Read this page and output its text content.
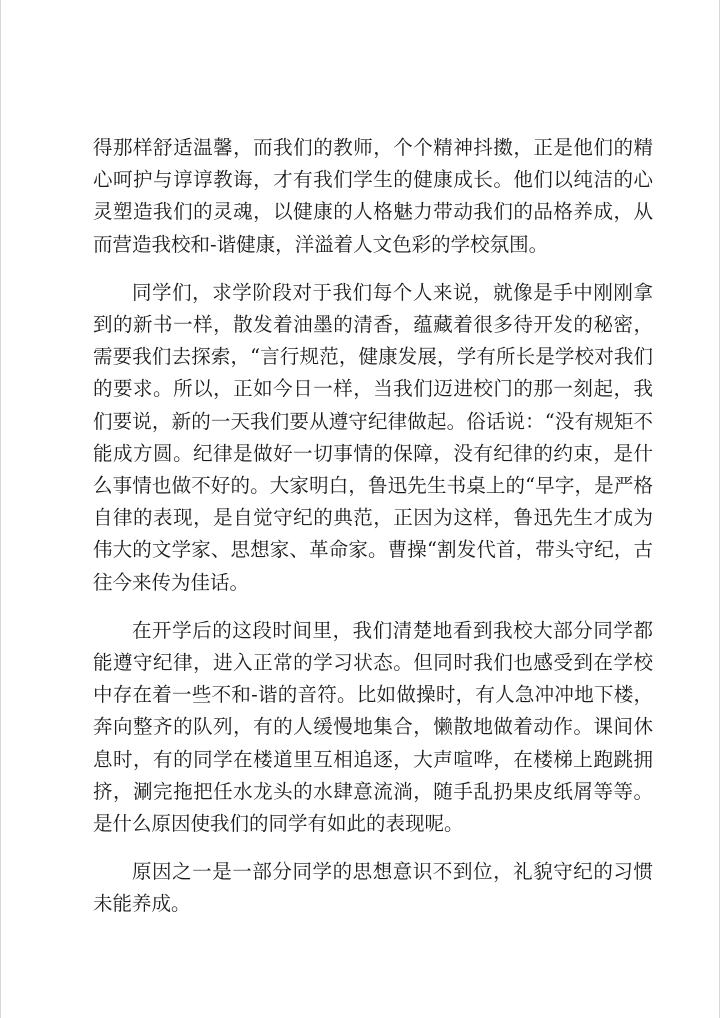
得那样舒适温馨，而我们的教师，个个精神抖擞，正是他们的精心呵护与谆谆教诲，才有我们学生的健康成长。他们以纯洁的心灵塑造我们的灵魂，以健康的人格魅力带动我们的品格养成，从而营造我校和-谐健康，洋溢着人文色彩的学校氛围。

同学们，求学阶段对于我们每个人来说，就像是手中刚刚拿到的新书一样，散发着油墨的清香，蕴藏着很多待开发的秘密，需要我们去探索，“言行规范，健康发展，学有所长是学校对我们的要求。所以，正如今日一样，当我们迈进校门的那一刻起，我们要说，新的一天我们要从遵守纪律做起。俗话说：“没有规矩不能成方圆。纪律是做好一切事情的保障，没有纪律的约束，是什么事情也做不好的。大家明白，鲁迅先生书桌上的“早字，是严格自律的表现，是自觉守纪的典范，正因为这样，鲁迅先生才成为伟大的文学家、思想家、革命家。曹操“割发代首，带头守纪，古往今来传为佳话。

在开学后的这段时间里，我们清楚地看到我校大部分同学都能遵守纪律，进入正常的学习状态。但同时我们也感受到在学校中存在着一些不和-谐的音符。比如做操时，有人急冲冲地下楼，奔向整齐的队列，有的人缓慢地集合，懒散地做着动作。课间休息时，有的同学在楼道里互相追逐，大声喧哗，在楼梯上跑跳拥挤，涮完拖把任水龙头的水肆意流淌，随手乱扔果皮纸屑等等。是什么原因使我们的同学有如此的表现呢。

原因之一是一部分同学的思想意识不到位，礼貌守纪的习惯未能养成。
